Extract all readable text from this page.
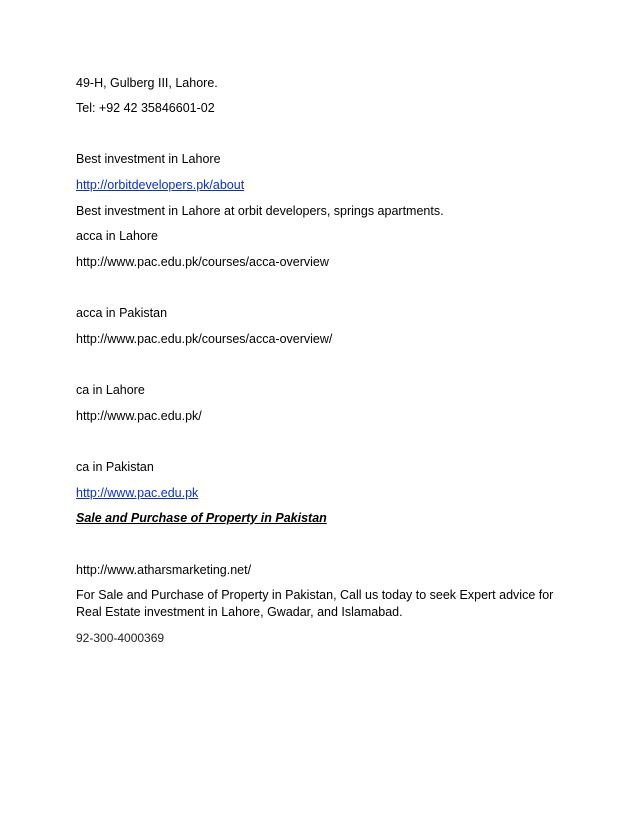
49-H, Gulberg III, Lahore.
Tel: +92 42 35846601-02
Best investment in Lahore
http://orbitdevelopers.pk/about
Best investment in Lahore at orbit developers, springs apartments.
acca in Lahore
http://www.pac.edu.pk/courses/acca-overview
acca in Pakistan
http://www.pac.edu.pk/courses/acca-overview/
ca in Lahore
http://www.pac.edu.pk/
ca in Pakistan
http://www.pac.edu.pk
Sale and Purchase of Property in Pakistan
http://www.atharsmarketing.net/
For Sale and Purchase of Property in Pakistan, Call us today to seek Expert advice for Real Estate investment in Lahore, Gwadar, and Islamabad.
92-300-4000369
